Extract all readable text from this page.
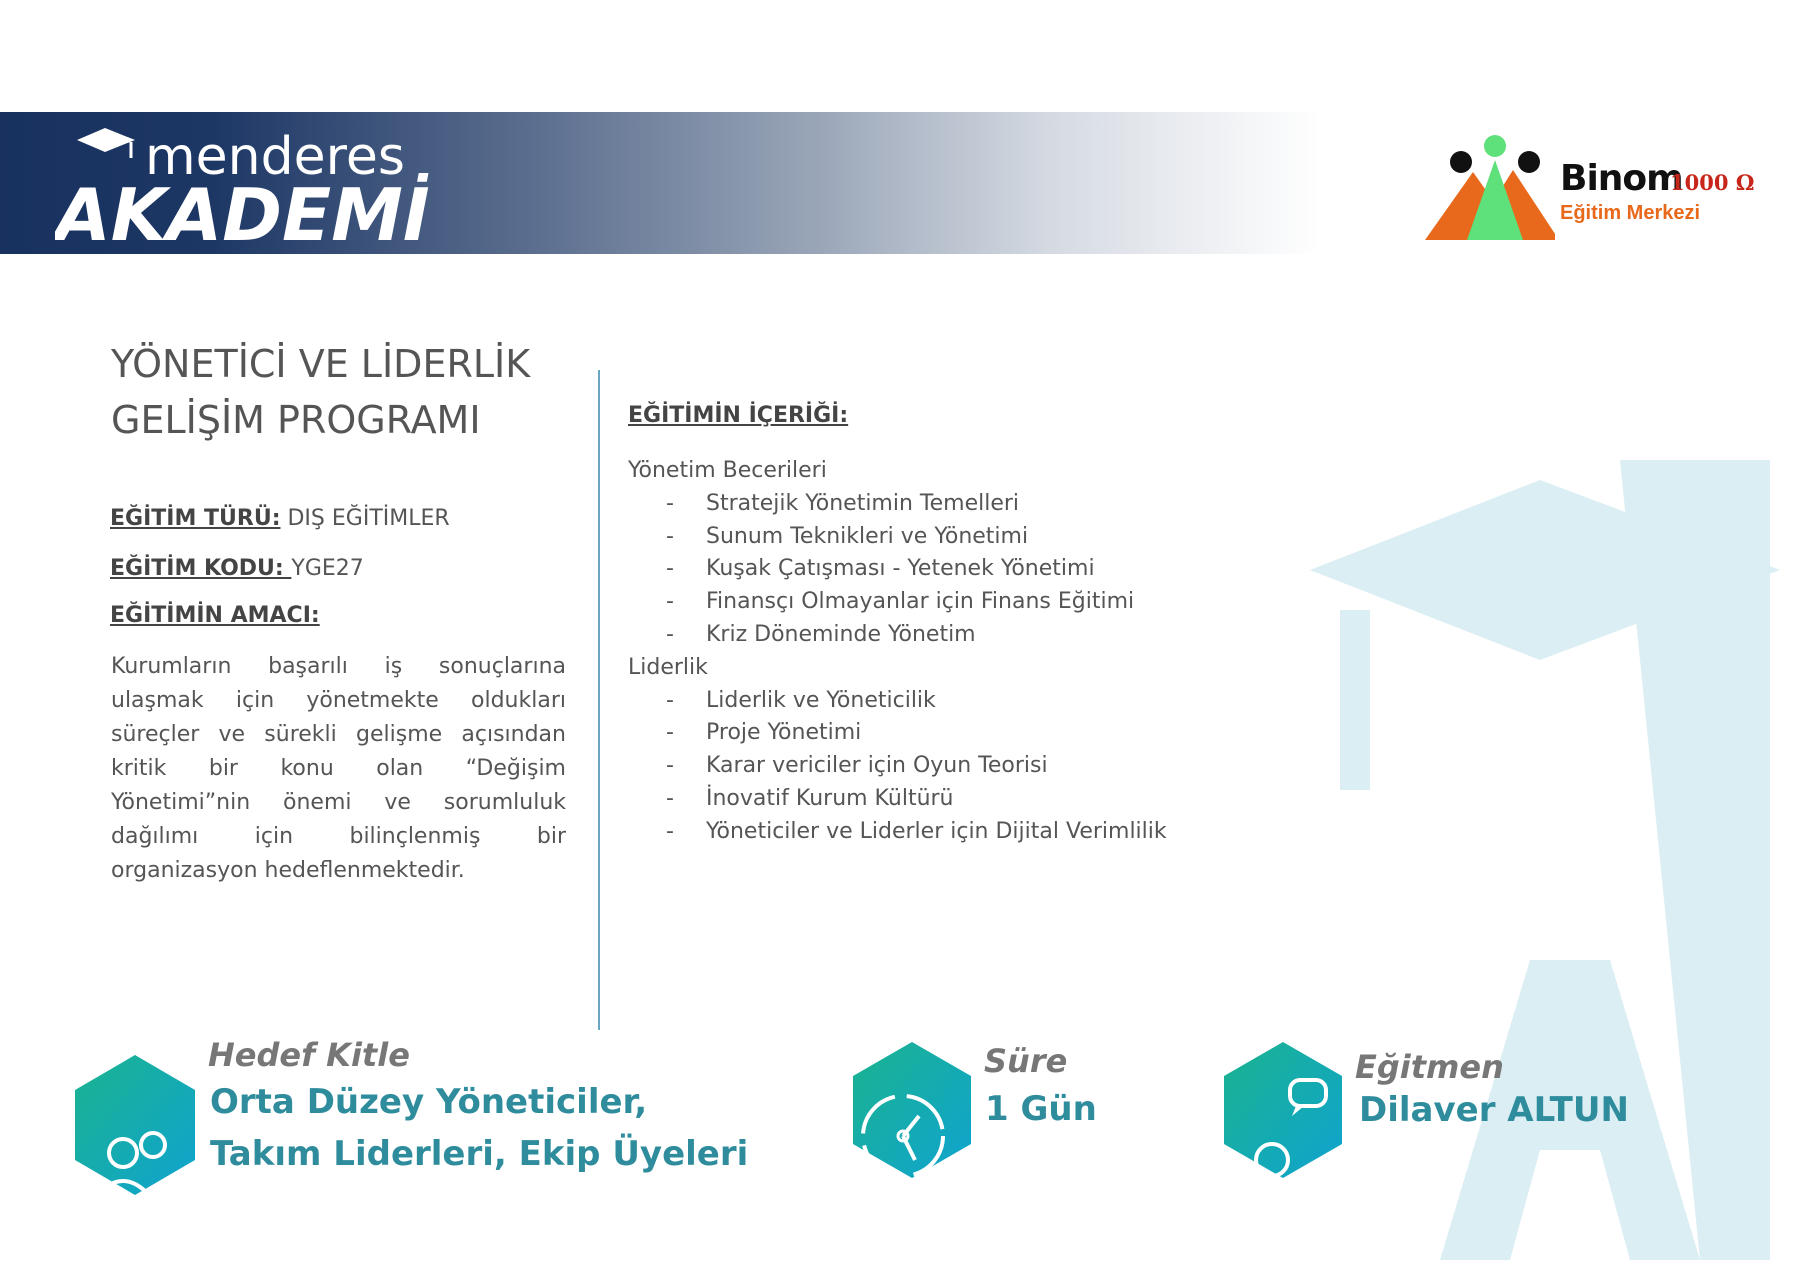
menderes
AKADEMİ	Binom
1000 Ω
Eğitim Merkezi
YÖNETİCİ VE LİDERLİK
GELİŞİM PROGRAMI
EĞİTİM TÜRÜ: DIŞ EĞİTİMLER
EĞİTİM KODU: YGE27
EĞİTİMİN AMACI:

Kurumların başarılı iş sonuçlarına ulaşmak için yönetmekte oldukları süreçler ve sürekli gelişme açısından kritik bir konu olan “Değişim Yönetimi”nin önemi ve sorumluluk dağılımı için bilinçlenmiş bir organizasyon hedeflenmektedir.

EĞİTİMİN İÇERİĞİ:
Yönetim Becerileri
- Stratejik Yönetimin Temelleri
- Sunum Teknikleri ve Yönetimi
- Kuşak Çatışması - Yetenek Yönetimi
- Finansçı Olmayanlar için Finans Eğitimi
- Kriz Döneminde Yönetim
Liderlik
- Liderlik ve Yöneticilik
- Proje Yönetimi
- Karar vericiler için Oyun Teorisi
- İnovatif Kurum Kültürü
- Yöneticiler ve Liderler için Dijital Verimlilik
Hedef Kitle
Orta Düzey Yöneticiler,
Takım Liderleri, Ekip Üyeleri
Süre
1 Gün
Eğitmen
Dilaver ALTUN
